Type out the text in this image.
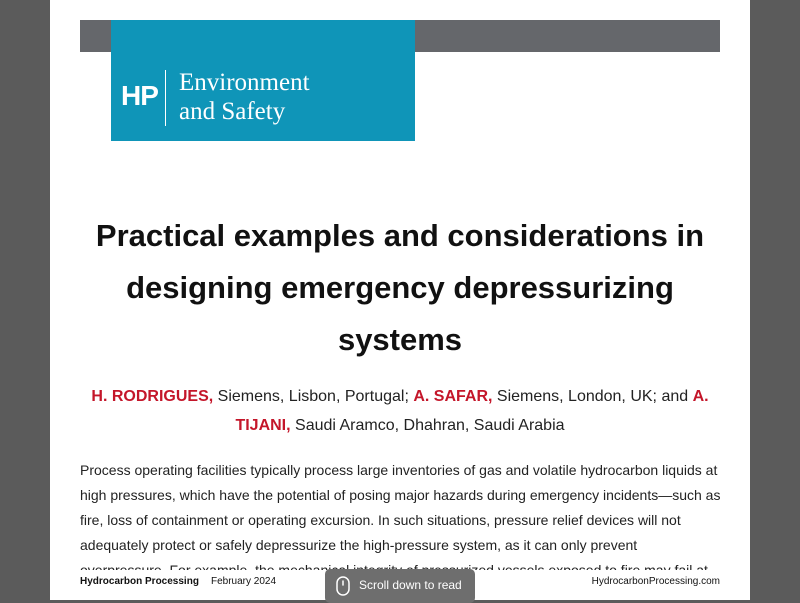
HP Environment
and Safety
Practical examples and considerations in
designing emergency depressurizing
systems
H. RODRIGUES, Siemens, Lisbon, Portugal; A. SAFAR, Siemens, London, UK; and A. TIJANI, Saudi Aramco, Dhahran, Saudi Arabia
Process operating facilities typically process large inventories of gas and volatile hydrocarbon liquids at high pressures, which have the potential of posing major hazards during emergency incidents—such as fire, loss of containment or operating excursion. In such situations, pressure relief devices will not adequately protect or safely depressurize the high-pressure system, as it can only prevent
Hydrocarbon Processing February 2024	HydrocarbonProcessing.com
Scroll down to read
